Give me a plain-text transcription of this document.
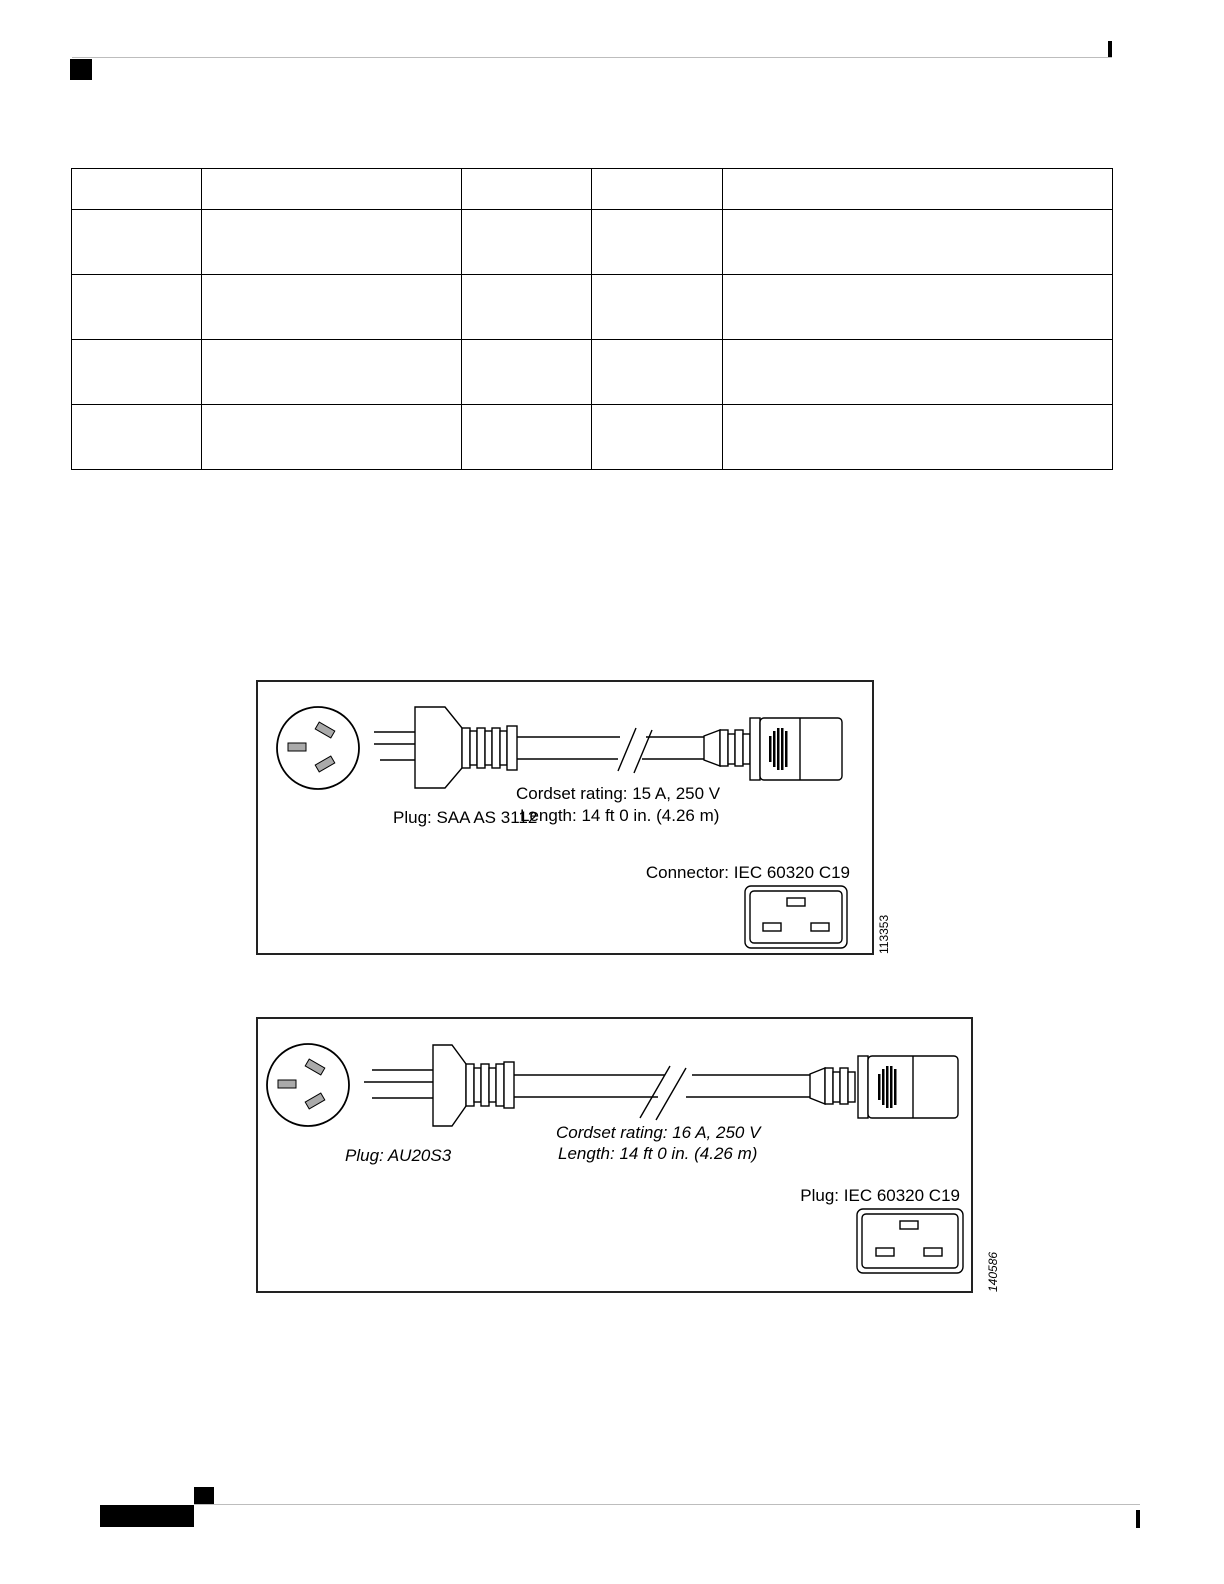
Plug: SAA AS 3112
Cordset rating: 15 A, 250 V
Length: 14 ft 0 in. (4.26 m)
Connector: IEC 60320 C19
113353
Plug: AU20S3
Cordset rating: 16 A, 250 V
Length: 14 ft 0 in. (4.26 m)
Plug: IEC 60320 C19
140586
